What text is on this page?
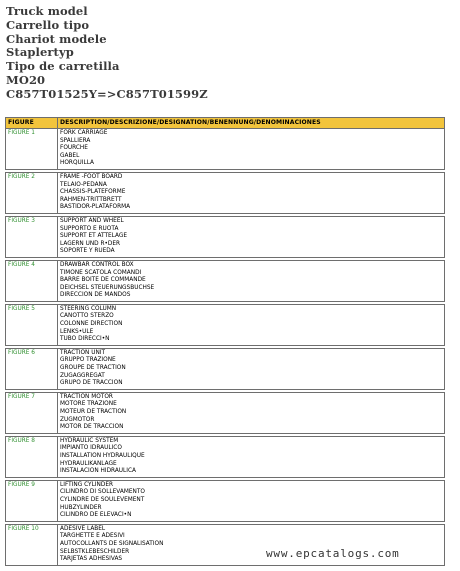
Truck model
Carrello tipo
Chariot modele
Staplertyp
Tipo de carretilla
MO20
C857T01525Y=>C857T01599Z
FIGURE	DESCRIPTION/DESCRIZIONE/DESIGNATION/BENENNUNG/DENOMINACIONES
FIGURE 1	FORK CARRIAGE
SPALLIERA
FOURCHE
GABEL
HORQUILLA

FIGURE 2	FRAME -FOOT BOARD
TELAIO-PEDANA
CHASSIS-PLATEFORME
RAHMEN-TRITTBRETT
BASTIDOR-PLATAFORMA

FIGURE 3	SUPPORT AND WHEEL
SUPPORTO E RUOTA
SUPPORT ET ATTELAGE
LAGERN UND R•DER
SOPORTE Y RUEDA

FIGURE 4	DRAWBAR CONTROL BOX
TIMONE SCATOLA COMANDI
BARRE BOITE DE COMMANDE
DEICHSEL STEUERUNGSBUCHSE
DIRECCION DE MANDOS

FIGURE 5	STEERING COLUMN
CANOTTO STERZO
COLONNE DIRECTION
LENKS•ULE
TUBO DIRECCI•N

FIGURE 6	TRACTION UNIT
GRUPPO TRAZIONE
GROUPE DE TRACTION
ZUGAGGREGAT
GRUPO DE TRACCION

FIGURE 7	TRACTION MOTOR
MOTORE TRAZIONE
MOTEUR DE TRACTION
ZUGMOTOR
MOTOR DE TRACCION

FIGURE 8	HYDRAULIC SYSTEM
IMPIANTO IDRAULICO
INSTALLATION HYDRAULIQUE
HYDRAULIKANLAGE
INSTALACION HIDRAULICA

FIGURE 9	LIFTING CYLINDER
CILINDRO DI SOLLEVAMENTO
CYLINDRE DE SOULEVEMENT
HUBZYLINDER
CILINDRO DE ELEVACI•N

FIGURE 10	ADESIVE LABEL
TARGHETTE E ADESIVI
AUTOCOLLANTS DE SIGNALISATION
SELBSTKLEBESCHILDER
TARJETAS ADHESIVAS	www.epcatalogs.com
